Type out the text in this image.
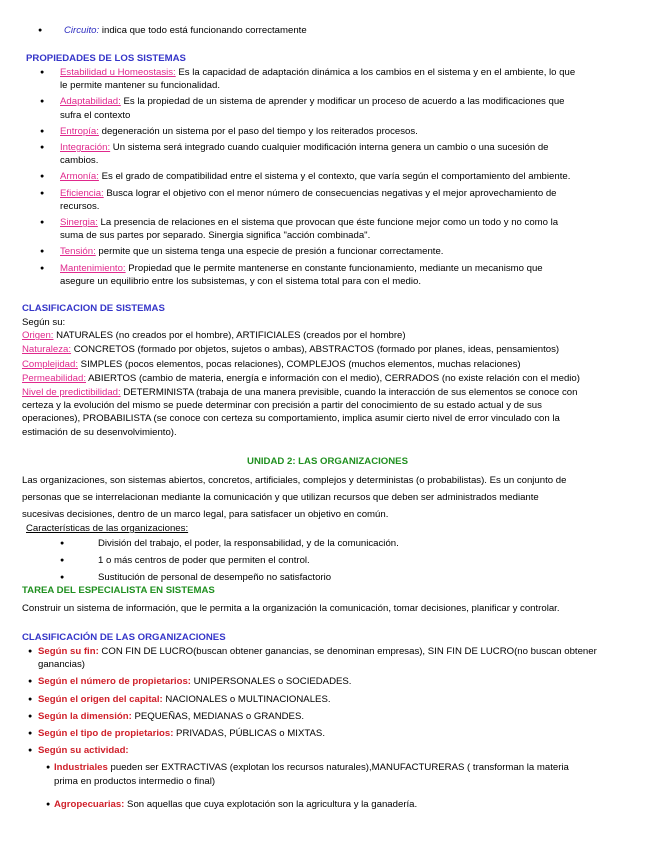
● Circuito: indica que todo está funcionando correctamente
PROPIEDADES DE LOS SISTEMAS
● Estabilidad u Homeostasis: Es la capacidad de adaptación dinámica a los cambios en el sistema y en el ambiente, lo que
le permite mantener su funcionalidad.
● Adaptabilidad: Es la propiedad de un sistema de aprender y modificar un proceso de acuerdo a las modificaciones que
sufra el contexto
● Entropía: degeneración un sistema por el paso del tiempo y los reiterados procesos.
● Integración: Un sistema será integrado cuando cualquier modificación interna genera un cambio o una sucesión de
cambios.
● Armonía: Es el grado de compatibilidad entre el sistema y el contexto, que varía según el comportamiento del ambiente.
● Eficiencia: Busca lograr el objetivo con el menor número de consecuencias negativas y el mejor aprovechamiento de
recursos.
● Sinergia: La presencia de relaciones en el sistema que provocan que éste funcione mejor como un todo y no como la
suma de sus partes por separado. Sinergia significa "acción combinada".
● Tensión: permite que un sistema tenga una especie de presión a funcionar correctamente.
● Mantenimiento: Propiedad que le permite mantenerse en constante funcionamiento, mediante un mecanismo que
asegure un equilibrio entre los subsistemas, y con el sistema total para con el medio.
CLASIFICACION DE SISTEMAS
Según su:
Origen: NATURALES (no creados por el hombre), ARTIFICIALES (creados por el hombre)
Naturaleza: CONCRETOS (formado por objetos, sujetos o ambas), ABSTRACTOS (formado por planes, ideas, pensamientos)
Complejidad: SIMPLES (pocos elementos, pocas relaciones), COMPLEJOS (muchos elementos, muchas relaciones)
Permeabilidad: ABIERTOS (cambio de materia, energía e información con el medio), CERRADOS (no existe relación con el medio)
Nivel de predictibilidad: DETERMINISTA (trabaja de una manera previsible, cuando la interacción de sus elementos se conoce con
certeza y la evolución del mismo se puede determinar con precisión a partir del conocimiento de su estado actual y de sus
operaciones), PROBABILISTA (se conoce con certeza su comportamiento, implica asumir cierto nivel de error vinculado con la
estimación de su desenvolvimiento).
UNIDAD 2: LAS ORGANIZACIONES
Las organizaciones, son sistemas abiertos, concretos, artificiales, complejos y deterministas (o probabilistas). Es un conjunto de
personas que se interrelacionan mediante la comunicación y que utilizan recursos que deben ser administrados mediante
sucesivas decisiones, dentro de un marco legal, para satisfacer un objetivo en común.
Características de las organizaciones:
●	División del trabajo, el poder, la responsabilidad, y de la comunicación.
●	1 o más centros de poder que permiten el control.
●	Sustitución de personal de desempeño no satisfactorio
TAREA DEL ESPECIALISTA EN SISTEMAS
Construir un sistema de información, que le permita a la organización la comunicación, tomar decisiones, planificar y controlar.
CLASIFICACIÓN DE LAS ORGANIZACIONES
● Según su fin: CON FIN DE LUCRO(buscan obtener ganancias, se denominan empresas), SIN FIN DE LUCRO(no buscan obtener
ganancias)
● Según el número de propietarios: UNIPERSONALES o SOCIEDADES.
● Según el origen del capital: NACIONALES o MULTINACIONALES.
● Según la dimensión: PEQUEÑAS, MEDIANAS o GRANDES.
● Según el tipo de propietarios: PRIVADAS, PÚBLICAS o MIXTAS.
● Según su actividad:
● Industriales pueden ser EXTRACTIVAS (explotan los recursos naturales),MANUFACTURERAS ( transforman la materia
prima en productos intermedio o final)
● Agropecuarias: Son aquellas que cuya explotación son la agricultura y la ganadería.
